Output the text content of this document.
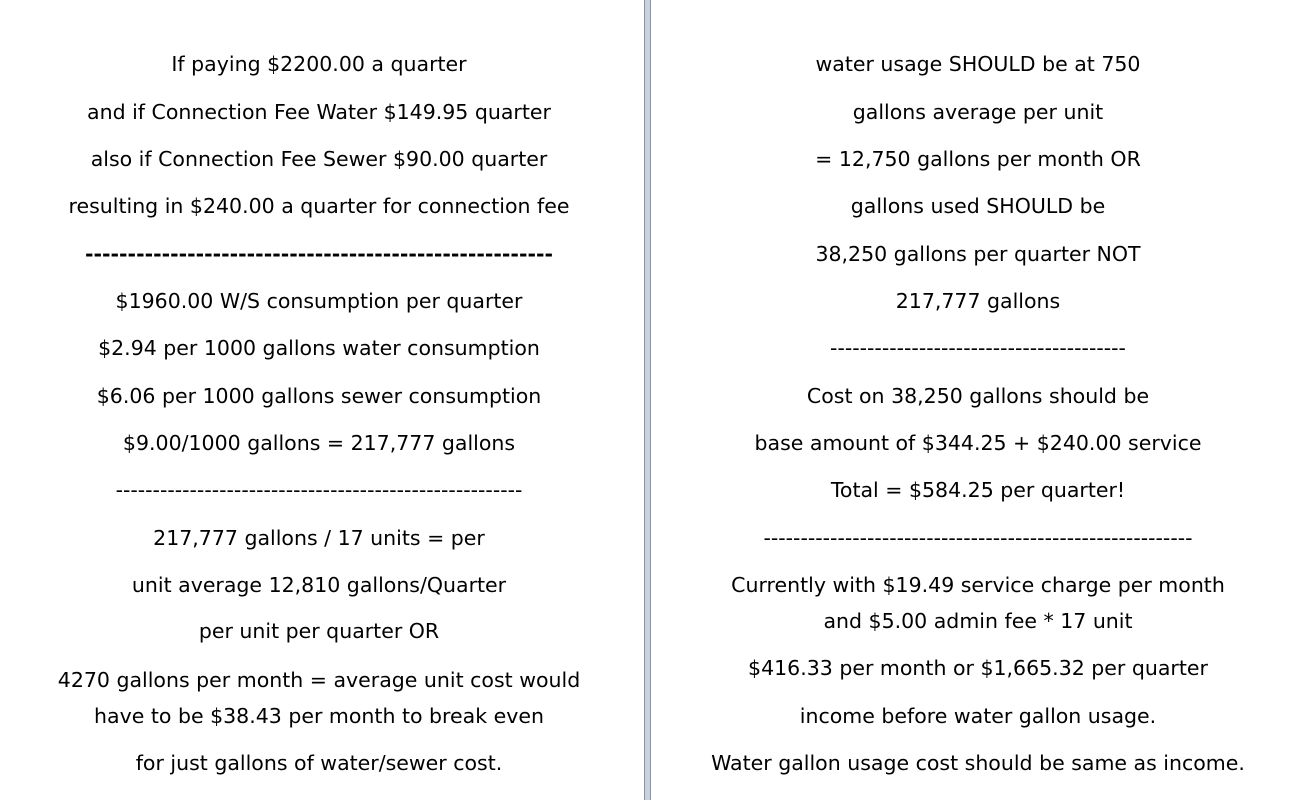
If paying $2200.00 a quarter
and if Connection Fee Water $149.95 quarter
also if Connection Fee Sewer $90.00 quarter
resulting in $240.00 a quarter for connection fee
-------------------------------------------------------
$1960.00 W/S consumption per quarter
$2.94 per 1000 gallons water consumption
$6.06 per 1000 gallons sewer consumption
$9.00/1000 gallons = 217,777 gallons
-------------------------------------------------------
217,777 gallons / 17 units = per
unit average 12,810 gallons/Quarter
per unit per quarter OR
4270 gallons per month = average unit cost would
have to be $38.43 per month to break even
for just gallons of water/sewer cost.
water usage SHOULD be at 750
gallons average per unit
= 12,750 gallons per month OR
gallons used SHOULD be
38,250 gallons per quarter NOT
217,777 gallons
----------------------------------------
Cost on 38,250 gallons should be
base amount of $344.25 + $240.00 service
Total = $584.25 per quarter!
----------------------------------------------------------
Currently with $19.49 service charge per month
and $5.00 admin fee * 17 unit
$416.33 per month or $1,665.32 per quarter
income before water gallon usage.
Water gallon usage cost should be same as income.
